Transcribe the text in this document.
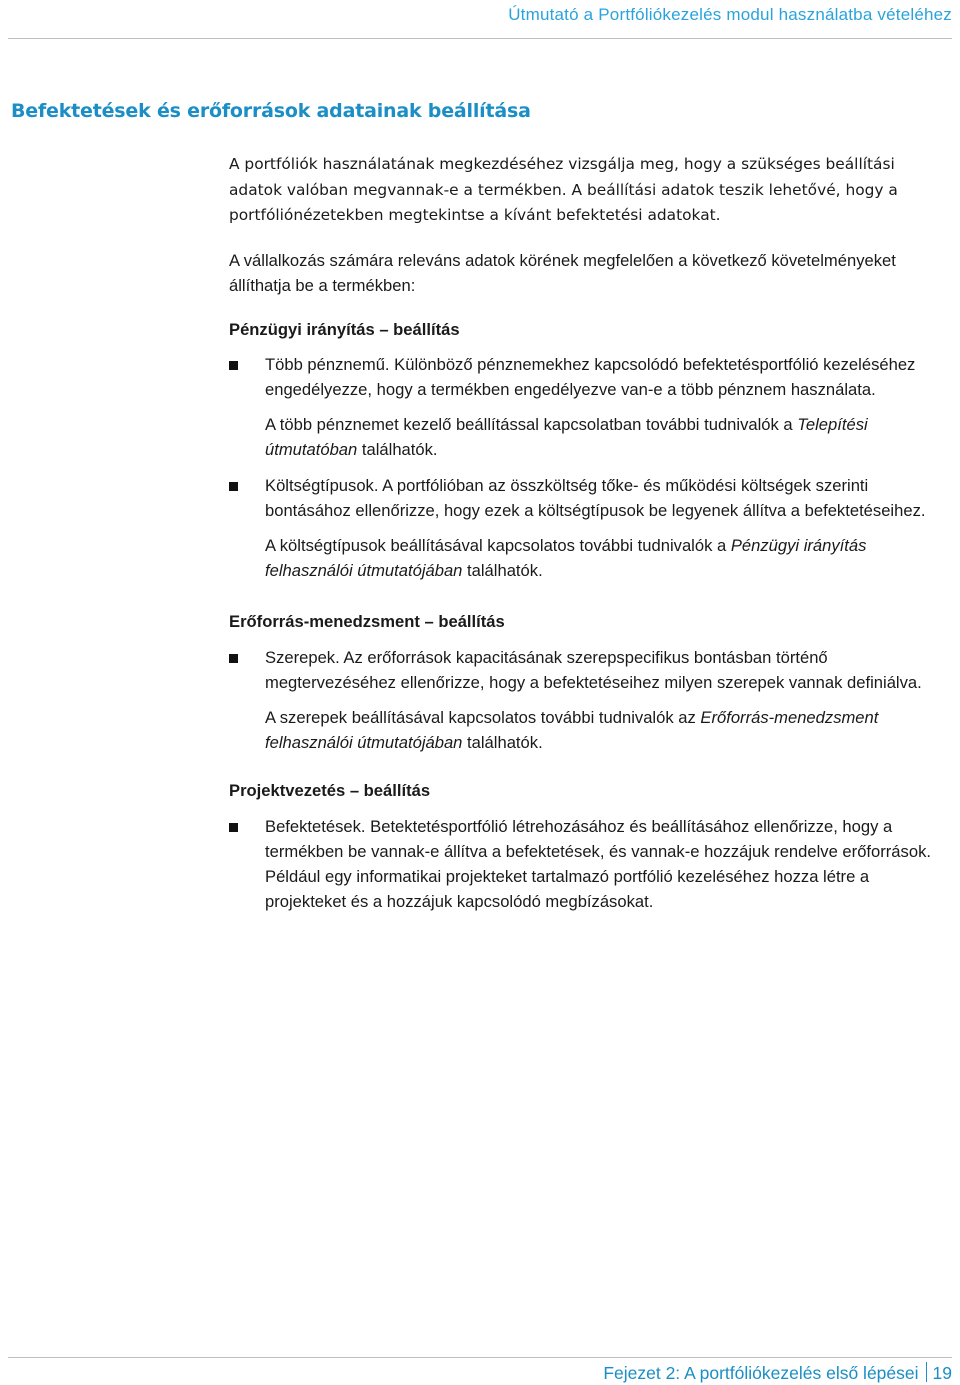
Útmutató a Portfóliókezelés modul használatba vételéhez
Befektetések és erőforrások adatainak beállítása

A portfóliók használatának megkezdéséhez vizsgálja meg, hogy a szükséges beállítási adatok valóban megvannak-e a termékben. A beállítási adatok teszik lehetővé, hogy a portfóliónézetekben megtekintse a kívánt befektetési adatokat.

A vállalkozás számára releváns adatok körének megfelelően a következő követelményeket állíthatja be a termékben:

Pénzügyi irányítás – beállítás

Több pénznemű. Különböző pénznemekhez kapcsolódó befektetésportfólió kezeléséhez engedélyezze, hogy a termékben engedélyezve van-e a több pénznem használata.

A több pénznemet kezelő beállítással kapcsolatban további tudnivalók a Telepítési útmutatóban találhatók.

Költségtípusok. A portfólióban az összköltség tőke- és működési költségek szerinti bontásához ellenőrizze, hogy ezek a költségtípusok be legyenek állítva a befektetéseihez.

A költségtípusok beállításával kapcsolatos további tudnivalók a Pénzügyi irányítás felhasználói útmutatójában találhatók.

Erőforrás-menedzsment – beállítás

Szerepek. Az erőforrások kapacitásának szerepspecifikus bontásban történő megtervezéséhez ellenőrizze, hogy a befektetéseihez milyen szerepek vannak definiálva.

A szerepek beállításával kapcsolatos további tudnivalók az Erőforrás-menedzsment felhasználói útmutatójában találhatók.

Projektvezetés – beállítás

Befektetések. Betektetésportfólió létrehozásához és beállításához ellenőrizze, hogy a termékben be vannak-e állítva a befektetések, és vannak-e hozzájuk rendelve erőforrások. Például egy informatikai projekteket tartalmazó portfólió kezeléséhez hozza létre a projekteket és a hozzájuk kapcsolódó megbízásokat.

Fejezet 2: A portfóliókezelés első lépései 19
